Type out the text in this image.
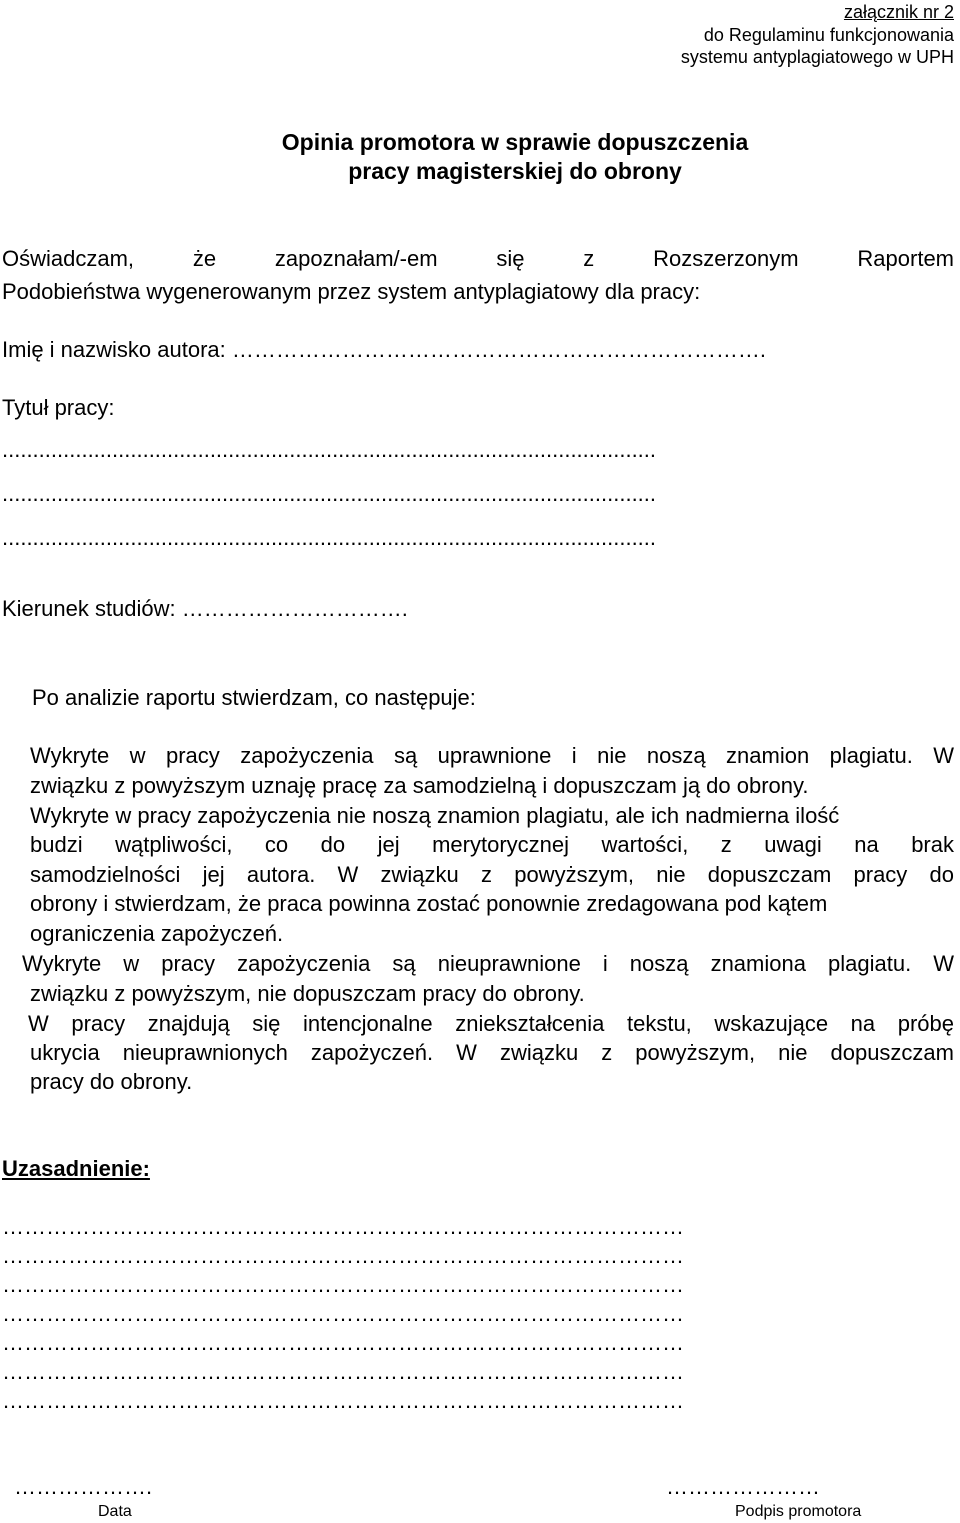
załącznik nr 2
do Regulaminu funkcjonowania
systemu antyplagiatowego w UPH
Opinia promotora w sprawie dopuszczenia
pracy magisterskiej do obrony
Oświadczam, że zapoznałam/-em się z Rozszerzonym Raportem
Podobieństwa wygenerowanym przez system antyplagiatowy dla pracy:
Imię i nazwisko autora: ……………………………………………………………….
Tytuł pracy:
...........................................................................................................
...........................................................................................................
...........................................................................................................
Kierunek studiów: ………………………….
Po analizie raportu stwierdzam, co następuje:
Wykryte w pracy zapożyczenia są uprawnione i nie noszą znamion plagiatu. W
związku z powyższym uznaję pracę za samodzielną i dopuszczam ją do obrony.
Wykryte w pracy zapożyczenia nie noszą znamion plagiatu, ale ich nadmierna ilość
budzi wątpliwości, co do jej merytorycznej wartości, z uwagi na brak
samodzielności jej autora. W związku z powyższym, nie dopuszczam pracy do
obrony i stwierdzam, że praca powinna zostać ponownie zredagowana pod kątem
ograniczenia zapożyczeń.
Wykryte w pracy zapożyczenia są nieuprawnione i noszą znamiona plagiatu. W
związku z powyższym, nie dopuszczam pracy do obrony.
W pracy znajdują się intencjonalne zniekształcenia tekstu, wskazujące na próbę
ukrycia nieuprawnionych zapożyczeń. W związku z powyższym, nie dopuszczam
pracy do obrony.
Uzasadnienie:
…………………………………………………………………………………
…………………………………………………………………………………
…………………………………………………………………………………
…………………………………………………………………………………
…………………………………………………………………………………
…………………………………………………………………………………
…………………………………………………………………………………
……………….
Data
…………………
Podpis promotora
